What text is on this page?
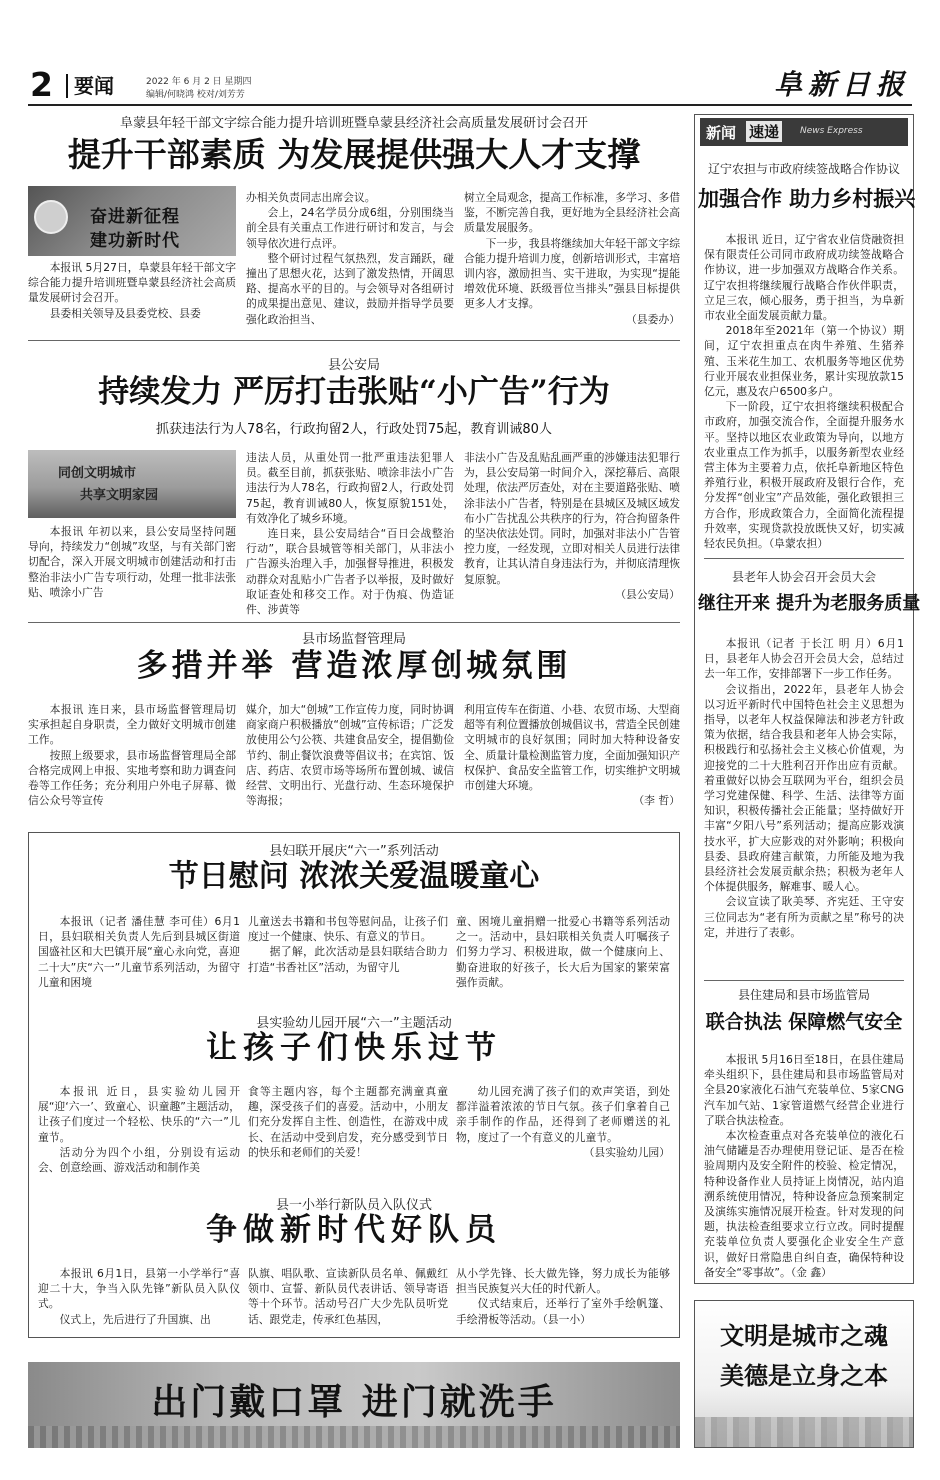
2	要闻	2022 年 6 月 2 日 星期四
编辑/何晓鸿 校对/刘芳芳	阜新日报
阜蒙县年轻干部文字综合能力提升培训班暨阜蒙县经济社会高质量发展研讨会召开
提升干部素质 为发展提供强大人才支撑
奋进新征程
建功新时代

本报讯 5月27日，阜蒙县年轻干部文字综合能力提升培训班暨阜蒙县经济社会高质量发展研讨会召开。

县委相关领导及县委党校、县委

办相关负责同志出席会议。

会上，24名学员分成6组，分别围绕当前全县有关重点工作进行研讨和发言，与会领导依次进行点评。

整个研讨过程气氛热烈，发言踊跃，碰撞出了思想火花，达到了激发热情，开阔思路、提高水平的目的。与会领导对各组研讨的成果提出意见、建议，鼓励并指导学员要强化政治担当、

树立全局观念，提高工作标准，多学习、多借鉴，不断完善自我，更好地为全县经济社会高质量发展服务。

下一步，我县将继续加大年轻干部文字综合能力提升培训力度，创新培训形式，丰富培训内容，激励担当、实干进取，为实现“提能增效优环境、跃级晋位当排头”强县目标提供更多人才支撑。

（县委办）

县公安局
持续发力 严厉打击张贴“小广告”行为
抓获违法行为人78名，行政拘留2人，行政处罚75起，教育训诫80人
同创文明城市
共享文明家园

本报讯 年初以来，县公安局坚持问题导向，持续发力“创城”攻坚，与有关部门密切配合，深入开展文明城市创建活动和打击整治非法小广告专项行动，处理一批非法张贴、喷涂小广告

违法人员，从重处罚一批严重违法犯罪人员。截至目前，抓获张贴、喷涂非法小广告违法行为人78名，行政拘留2人，行政处罚75起，教育训诫80人，恢复原貌151处，有效净化了城乡环境。

连日来，县公安局结合“百日会战整治行动”，联合县城管等相关部门，从非法小广告源头治理入手，加强督导推进，积极发动群众对乱贴小广告者予以举报，及时做好取证查处和移交工作。对于伪痕、伪造证件、涉黄等

非法小广告及乱贴乱画严重的涉嫌违法犯罪行为，县公安局第一时间介入，深挖幕后、高限处理，依法严厉查处，对在主要道路张贴、喷涂非法小广告者，特别是在县城区及城区域发布小广告扰乱公共秩序的行为，符合拘留条件的坚决依法处罚。同时，加强对非法小广告管控力度，一经发现，立即对相关人员进行法律教育，让其认清自身违法行为，并彻底清理恢复原貌。

（县公安局）

县市场监督管理局
多措并举 营造浓厚创城氛围

本报讯 连日来，县市场监督管理局切实承担起自身职责，全力做好文明城市创建工作。

按照上级要求，县市场监督管理局全部合格完成网上申报、实地考察和助力调查问卷等工作任务；充分利用户外电子屏幕、微信公众号等宣传

媒介，加大“创城”工作宣传力度，同时协调商家商户积极播放“创城”宣传标语；广泛发放使用公勺公筷、共建食品安全，提倡勤俭节约、制止餐饮浪费等倡议书；在宾馆、饭店、药店、农贸市场等场所布置创城、诚信经营、文明出行、光盘行动、生态环境保护等海报；

利用宣传车在街道、小巷、农贸市场、大型商超等有利位置播放创城倡议书，营造全民创建文明城市的良好氛围；同时加大特种设备安全、质量计量检测监管力度，全面加强知识产权保护、食品安全监管工作，切实维护文明城市创建大环境。

（李 哲）

县妇联开展庆“六一”系列活动
节日慰问 浓浓关爱温暖童心

本报讯（记者 潘佳慧 李可佳）6月1日，县妇联相关负责人先后到县城区街道国盛社区和大巴镇开展“童心永向党，喜迎二十大”庆“六一”儿童节系列活动，为留守儿童和困境

儿童送去书籍和书包等慰问品，让孩子们度过一个健康、快乐、有意义的节日。

据了解，此次活动是县妇联结合助力打造“书香社区”活动，为留守儿

童、困境儿童捐赠一批爱心书籍等系列活动之一。活动中，县妇联相关负责人叮嘱孩子们努力学习、积极进取，做一个健康向上、勤奋进取的好孩子，长大后为国家的繁荣富强作贡献。

县实验幼儿园开展“六一”主题活动
让孩子们快乐过节

本报讯 近日，县实验幼儿园开展“迎‘六一’、致童心、识童趣”主题活动，让孩子们度过一个轻松、快乐的“六一”儿童节。

活动分为四个小组，分别设有运动会、创意绘画、游戏活动和制作美

食等主题内容，每个主题都充满童真童趣，深受孩子们的喜爱。活动中，小朋友们充分发挥自主性、创造性，在游戏中成长、在活动中受到启发，充分感受到节日的快乐和老师们的关爱！

幼儿园充满了孩子们的欢声笑语，到处都洋溢着浓浓的节日气氛。孩子们拿着自己亲手制作的作品，还得到了老师赠送的礼物，度过了一个有意义的儿童节。

（县实验幼儿园）

县一小举行新队员入队仪式
争做新时代好队员

本报讯 6月1日，县第一小学举行“喜迎二十大，争当入队先锋”新队员入队仪式。

仪式上，先后进行了升国旗、出

队旗、唱队歌、宣读新队员名单、佩戴红领巾、宣誓、新队员代表讲话、领导寄语等十个环节。活动号召广大少先队员听党话、跟党走，传承红色基因，

从小学先锋、长大做先锋，努力成长为能够担当民族复兴大任的时代新人。

仪式结束后，还举行了室外手绘帆篷、手绘滑板等活动。（县一小）

出门戴口罩 进门就洗手
新闻 速递	News Express
辽宁农担与市政府续签战略合作协议
加强合作 助力乡村振兴

本报讯 近日，辽宁省农业信贷融资担保有限责任公司同市政府成功续签战略合作协议，进一步加强双方战略合作关系。辽宁农担将继续履行战略合作伙伴职责，立足三农，倾心服务，勇于担当，为阜新市农业全面发展贡献力量。

2018年至2021年（第一个协议）期间，辽宁农担重点在肉牛养殖、生猪养殖、玉米花生加工、农机服务等地区优势行业开展农业担保业务，累计实现放款15亿元，惠及农户6500多户。

下一阶段，辽宁农担将继续积极配合市政府，加强交流合作，全面提升服务水平。坚持以地区农业政策为导向，以地方农业重点工作为抓手，以服务新型农业经营主体为主要着力点，依托阜新地区特色养殖行业，积极开展政府及银行合作，充分发挥“创业宝”产品效能，强化政银担三方合作，形成政策合力，全面简化流程提升效率，实现贷款投放既快又好，切实减轻农民负担。（阜蒙农担）

县老年人协会召开会员大会
继往开来 提升为老服务质量

本报讯（记者 于长江 明 月）6月1日，县老年人协会召开会员大会，总结过去一年工作，安排部署下一步工作任务。

会议指出，2022年，县老年人协会以习近平新时代中国特色社会主义思想为指导，以老年人权益保障法和涉老方针政策为依据，结合我县和老年人协会实际，积极践行和弘扬社会主义核心价值观，为迎接党的二十大胜利召开作出应有贡献。着重做好以协会互联网为平台，组织会员学习党建保健、科学、生活、法律等方面知识，积极传播社会正能量；坚持做好开丰富“夕阳八号”系列活动；提高应影戏演技水平，扩大应影戏的对外影响；积极向县委、县政府建言献策，力所能及地为我县经济社会发展贡献余热；积极为老年人个体提供服务，解难事、暖人心。

会议宣读了耿美琴、齐宪廷、王守安三位同志为“老有所为贡献之星”称号的决定，并进行了表彰。

县住建局和县市场监管局
联合执法 保障燃气安全

本报讯 5月16日至18日，在县住建局牵头组织下，县住建局和县市场监管局对全县20家液化石油气充装单位、5家CNG汽车加气站、1家管道燃气经营企业进行了联合执法检查。

本次检查重点对各充装单位的液化石油气储罐是否办理使用登记证、是否在检验周期内及安全附件的校验、检定情况，特种设备作业人员持证上岗情况，站内追溯系统使用情况，特种设备应急预案制定及演练实施情况展开检查。针对发现的问题，执法检查组要求立行立改。同时提醒充装单位负责人要强化企业安全生产意识，做好日常隐患自纠自查，确保特种设备安全“零事故”。（金 鑫）

文明是城市之魂
美德是立身之本
